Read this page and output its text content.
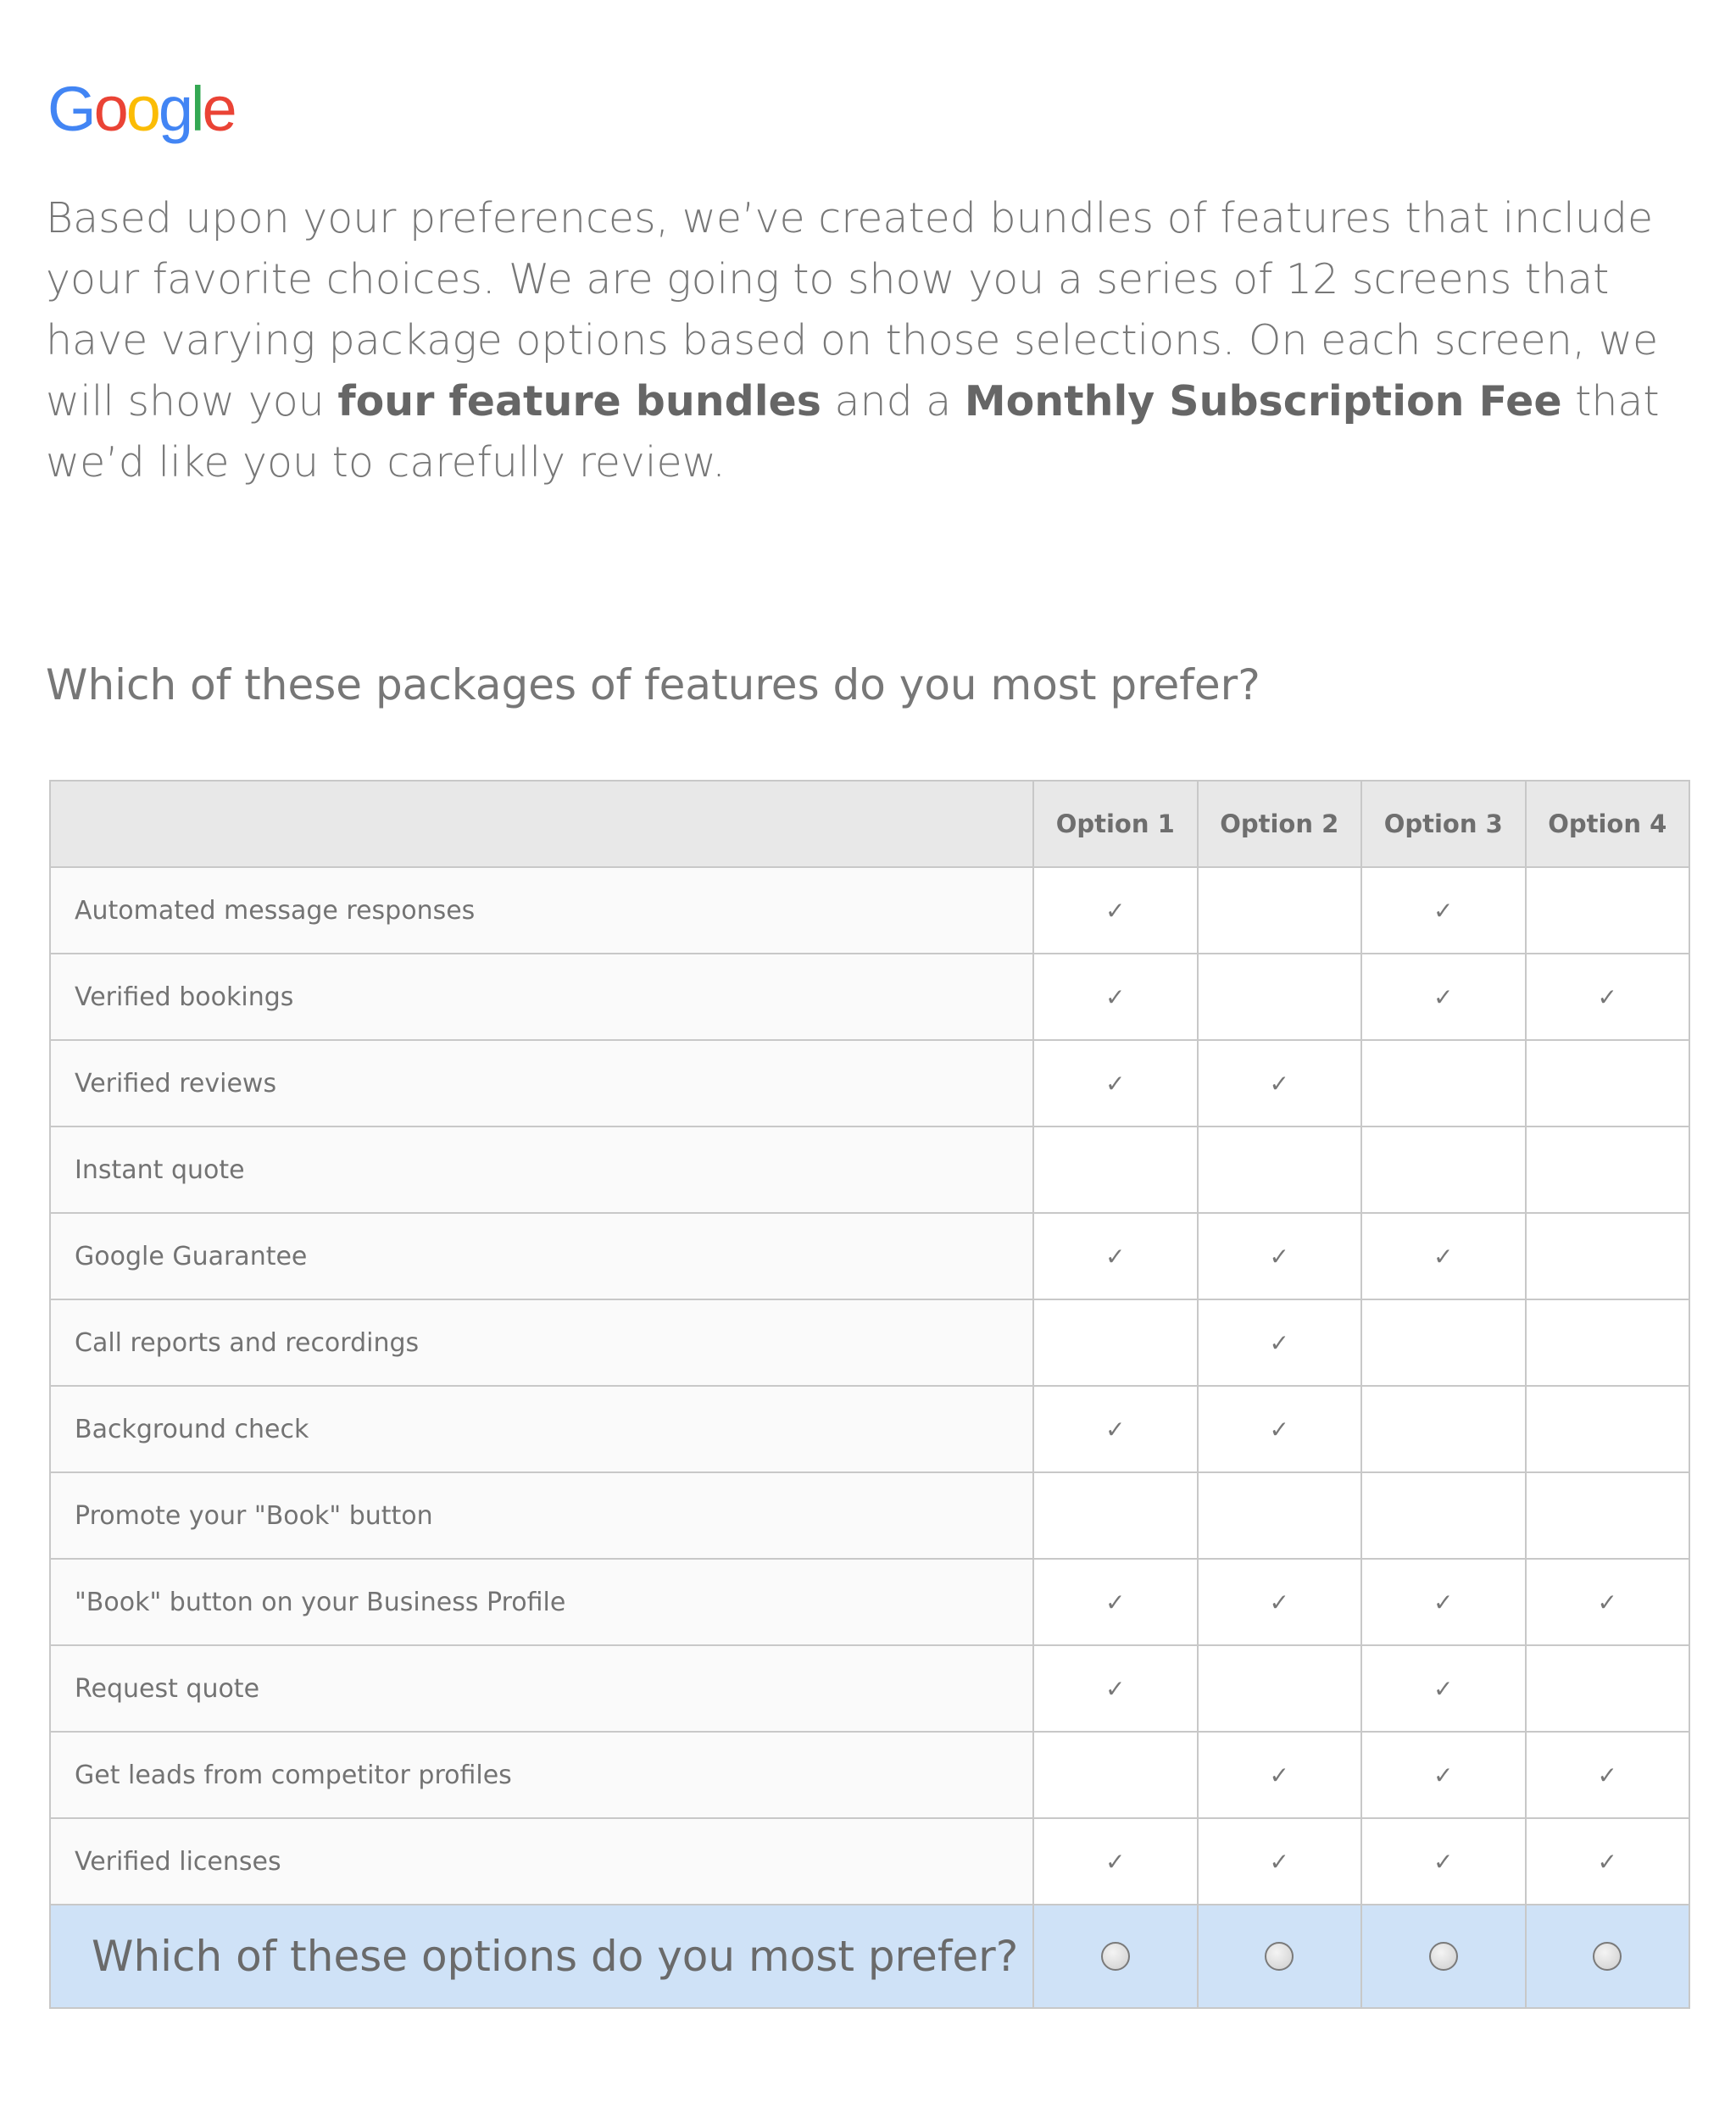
Google

Based upon your preferences, we’ve created bundles of features that include your favorite choices. We are going to show you a series of 12 screens that have varying package options based on those selections. On each screen, we will show you four feature bundles and a Monthly Subscription Fee that we’d like you to carefully review.

Which of these packages of features do you most prefer?

	Option 1	Option 2	Option 3	Option 4
Automated message responses	✓		✓	
Verified bookings	✓		✓	✓
Verified reviews	✓	✓		
Instant quote				
Google Guarantee	✓	✓	✓	
Call reports and recordings		✓		
Background check	✓	✓		
Promote your "Book" button				
"Book" button on your Business Profile	✓	✓	✓	✓
Request quote	✓		✓	
Get leads from competitor profiles		✓	✓	✓
Verified licenses	✓	✓	✓	✓
Which of these options do you most prefer?				
